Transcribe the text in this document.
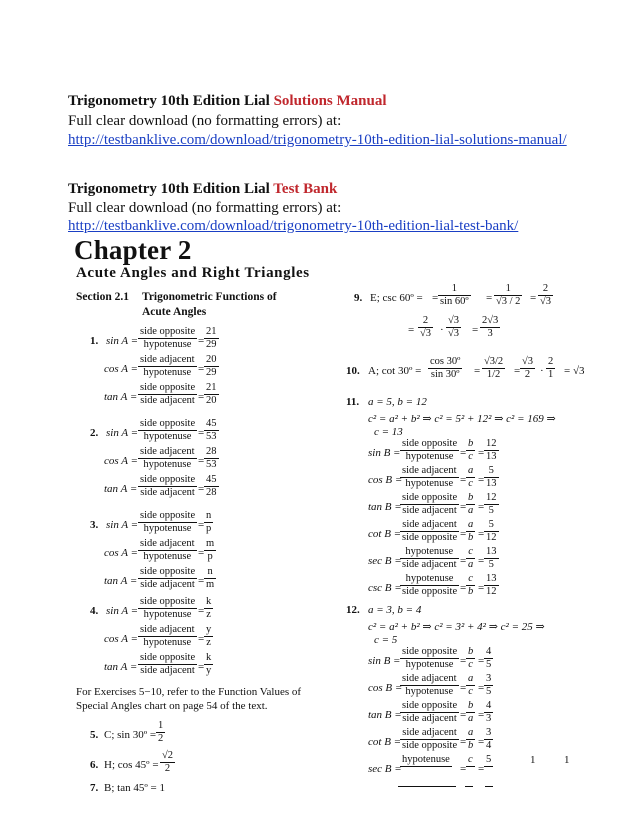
Trigonometry 10th Edition Lial Solutions Manual
Full clear download (no formatting errors) at:
http://testbanklive.com/download/trigonometry-10th-edition-lial-solutions-manual/
Trigonometry 10th Edition Lial Test Bank
Full clear download (no formatting errors) at:
http://testbanklive.com/download/trigonometry-10th-edition-lial-test-bank/
Chapter 2
Acute Angles and Right Triangles
Section 2.1 Trigonometric Functions of
Acute Angles
1. sin A =
side opposite
hypotenuse = $\frac{21}{29}$
cos A =
side adjacent
hypotenuse = $\frac{20}{29}$
tan A =
side opposite
side adjacent = $\frac{21}{20}$
2. sin A =
side opposite
hypotenuse = $\frac{45}{53}$
cos A =
side adjacent
hypotenuse = $\frac{28}{53}$
tan A =
side opposite
side adjacent = $\frac{45}{28}$
3. sin A =
side opposite
hypotenuse = $\frac{n}{p}$
cos A =
side adjacent
hypotenuse = $\frac{m}{p}$
tan A =
side opposite
side adjacent = $\frac{n}{m}$
4. sin A =
side opposite
hypotenuse = $\frac{k}{z}$
cos A =
side adjacent
hypotenuse = $\frac{y}{z}$
tan A =
side opposite
side adjacent = $\frac{k}{y}$
For Exercises 5−10, refer to the Function Values of
Special Angles chart on page 54 of the text.
5. C; sin 30º = $\frac{1}{2}$
6. H; cos 45º = $\frac{√2}{2}$
7. B; tan 45º = 1
9. E; csc 60º = = $\frac{1}{\text{sin 60º}} = \frac{1}{√3 / 2} = \frac{2}{√3}$
= $\frac{2}{√3} \cdot \frac{√3}{√3} = \frac{2√3}{3}$
10. A; cot 30º = $\frac{\text{cos 30º}}{\text{sin 30º}} = \frac{√3/2}{1/2} = \frac{√3}{2} \cdot \frac{2}{1} = √3$
11. a = 5, b = 12
c² = a² + b² ⇒ c² = 5² + 12² ⇒ c² = 169 ⇒
c = 13
sin B =
side opposite
hypotenuse = $\frac{b}{c} = \frac{12}{13}$
cos B =
side adjacent
hypotenuse = $\frac{a}{c} = \frac{5}{13}$
tan B =
side opposite
side adjacent = $\frac{b}{a} = \frac{12}{5}$
cot B =
side adjacent
side opposite = $\frac{a}{b} = \frac{5}{12}$
sec B =
hypotenuse
side adjacent = $\frac{c}{a} = \frac{13}{5}$
csc B =
hypotenuse
side opposite = $\frac{c}{b} = \frac{13}{12}$
12. a = 3, b = 4
c² = a² + b² ⇒ c² = 3² + 4² ⇒ c² = 25 ⇒
c = 5
sin B =
side opposite
hypotenuse = $\frac{b}{c} = \frac{4}{5}$
cos B =
side adjacent
hypotenuse = $\frac{a}{c} = \frac{3}{5}$
tan B =
side opposite
side adjacent = $\frac{b}{a} = \frac{4}{3}$
cot B =
side adjacent
side opposite = $\frac{a}{b} = \frac{3}{4}$
sec B =
hypotenuse
=
c
=
5	1	1
